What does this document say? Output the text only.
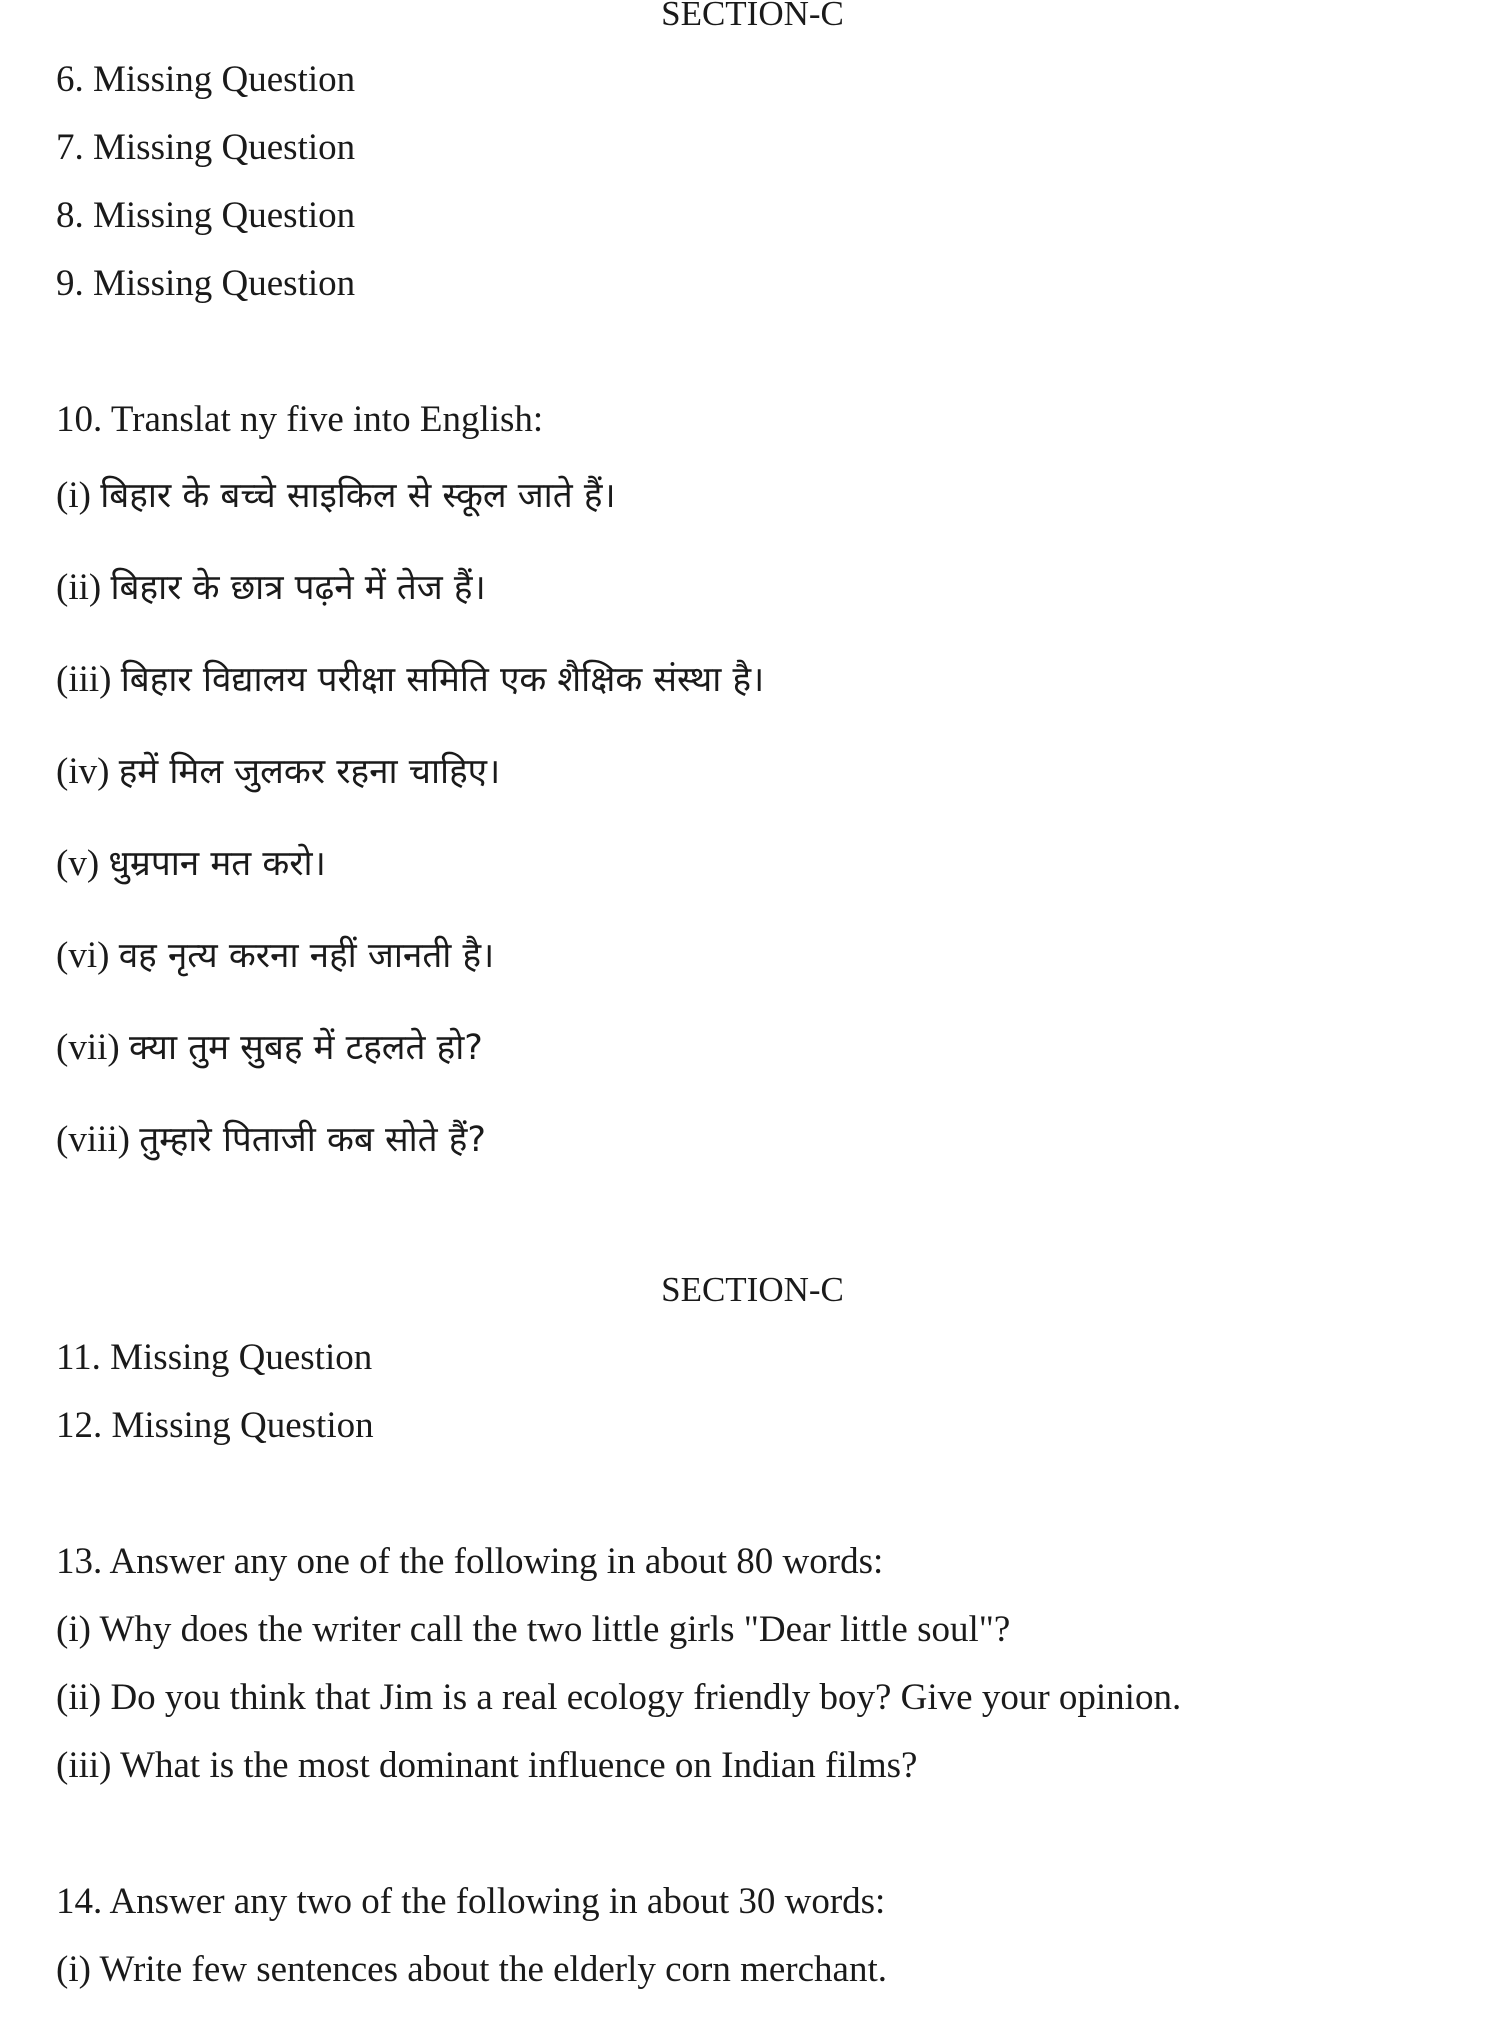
SECTION-C
6. Missing Question
7. Missing Question
8. Missing Question
9. Missing Question
10. Translat ny five into English:
(i) बिहार के बच्चे साइकिल से स्कूल जाते हैं।
(ii) बिहार के छात्र पढ़ने में तेज हैं।
(iii) बिहार विद्यालय परीक्षा समिति एक शैक्षिक संस्था है।
(iv) हमें मिल जुलकर रहना चाहिए।
(v) धुम्रपान मत करो।
(vi) वह नृत्य करना नहीं जानती है।
(vii) क्या तुम सुबह में टहलते हो?
(viii) तुम्हारे पिताजी कब सोते हैं?
SECTION-C
11. Missing Question
12. Missing Question
13. Answer any one of the following in about 80 words:
(i) Why does the writer call the two little girls "Dear little soul"?
(ii) Do you think that Jim is a real ecology friendly boy? Give your opinion.
(iii) What is the most dominant influence on Indian films?
14. Answer any two of the following in about 30 words:
(i) Write few sentences about the elderly corn merchant.
